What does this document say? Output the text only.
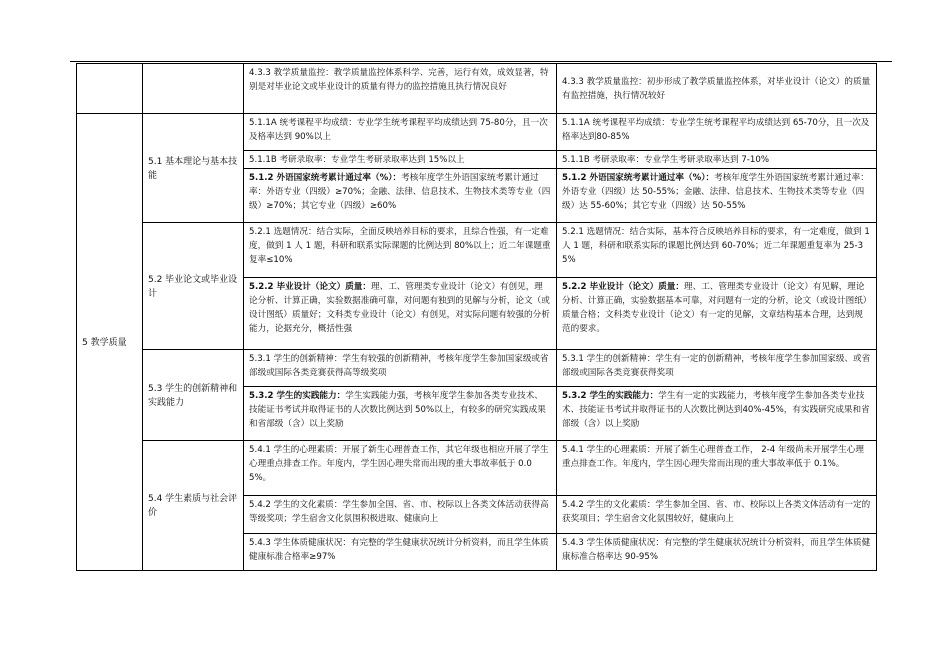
		4.3.3 教学质量监控：教学质量监控体系科学、完善，运行有效，成效显著，特别是对毕业论文或毕业设计的质量有得力的监控措施且执行情况良好	4.3.3 教学质量监控：初步形成了教学质量监控体系，对毕业设计（论文）的质量有监控措施，执行情况较好
5 教学质量	5.1 基本理论与基本技能	5.1.1A 统考课程平均成绩：专业学生统考课程平均成绩达到 75-80分，且一次及格率达到 90%以上	5.1.1A 统考课程平均成绩：专业学生统考课程平均成绩达到 65-70分，且一次及格率达到80-85%
		5.1.1B 考研录取率：专业学生考研录取率达到 15%以上	5.1.1B 考研录取率：专业学生考研录取率达到 7-10%
		5.1.2 外语国家统考累计通过率（%）：考核年度学生外语国家统考累计通过率：外语专业（四级）≥70%；金融、法律、信息技术、生物技术类等专业（四级）≥70%；其它专业（四级）≥60%	5.1.2 外语国家统考累计通过率（%）：考核年度学生外语国家统考累计通过率：外语专业（四级）达 50-55%；金融、法律、信息技术、生物技术类等专业（四级）达 55-60%；其它专业（四级）达 50-55%
	5.2 毕业论文或毕业设计	5.2.1 选题情况：结合实际，全面反映培养目标的要求，且综合性强，有一定难度，做到 1 人 1 题，科研和联系实际课题的比例达到 80%以上；近二年课题重复率≤10%	5.2.1 选题情况：结合实际，基本符合反映培养目标的要求，有一定难度，做到 1 人 1 题，科研和联系实际的课题比例达到 60-70%；近二年课题重复率为 25-35%
		5.2.2 毕业设计（论文）质量：理、工、管理类专业设计（论文）有创见，理论分析、计算正确，实验数据准确可靠，对问题有独到的见解与分析，论文（或设计图纸）质量好；文科类专业设计（论文）有创见，对实际问题有较强的分析能力，论据充分，概括性强	5.2.2 毕业设计（论文）质量：理、工、管理类专业设计（论文）有见解，理论分析、计算正确，实验数据基本可靠，对问题有一定的分析，论文（或设计图纸）质量合格；文科类专业设计（论文）有一定的见解，文章结构基本合理，达到规范的要求。
	5.3 学生的创新精神和实践能力	5.3.1 学生的创新精神：学生有较强的创新精神，考核年度学生参加国家级或省部级或国际各类竞赛获得高等级奖项	5.3.1 学生的创新精神：学生有一定的创新精神，考核年度学生参加国家级、或省部级或国际各类竞赛获得奖项
		5.3.2 学生的实践能力：学生实践能力强，考核年度学生参加各类专业技术、技能证书考试并取得证书的人次数比例达到 50%以上，有较多的研究实践成果和省部级（含）以上奖励	5.3.2 学生的实践能力：学生有一定的实践能力，考核年度学生参加各类专业技术、技能证书考试并取得证书的人次数比例达到40%-45%，有实践研究成果和省部级（含）以上奖励
	5.4 学生素质与社会评价	5.4.1 学生的心理素质：开展了新生心理普查工作，其它年级也相应开展了学生心理重点排查工作。年度内，学生因心理失常而出现的重大事故率低于 0.05%。	5.4.1 学生的心理素质：开展了新生心理普查工作， 2-4 年级尚未开展学生心理重点排查工作。年度内，学生因心理失常而出现的重大事故率低于 0.1%。
		5.4.2 学生的文化素质：学生参加全国、省、市、校际以上各类文体活动获得高等级奖项；学生宿舍文化氛围积极进取、健康向上	5.4.2 学生的文化素质：学生参加全国、省、市、校际以上各类文体活动有一定的获奖项目；学生宿舍文化氛围较好，健康向上
		5.4.3 学生体质健康状况：有完整的学生健康状况统计分析资料，而且学生体质健康标准合格率≥97%	5.4.3 学生体质健康状况：有完整的学生健康状况统计分析资料，而且学生体质健康标准合格率达 90-95%
